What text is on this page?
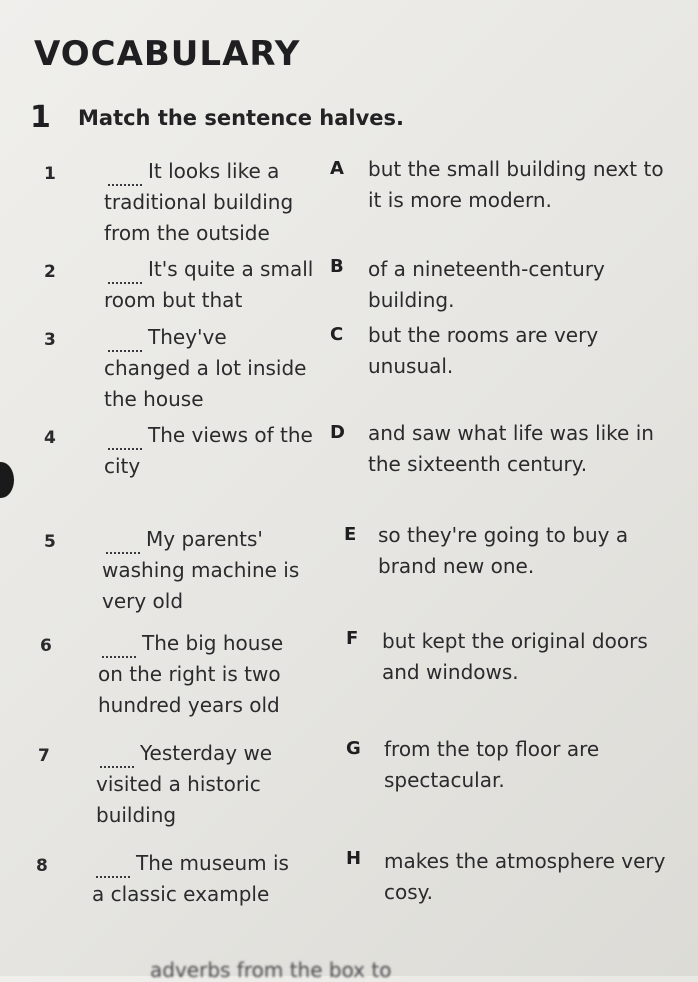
VOCABULARY
1 Match the sentence halves.
1	It looks like a traditional building from the outside
A but the small building next to it is more modern.
2	It's quite a small room but that
B of a nineteenth-century building.
3	They've changed a lot inside the house
C but the rooms are very unusual.
4	The views of the city
D and saw what life was like in the sixteenth century.
5	My parents' washing machine is very old
E so they're going to buy a brand new one.
6	The big house on the right is two hundred years old
F but kept the original doors and windows.
7	Yesterday we visited a historic building
G from the top floor are spectacular.
8	The museum is a classic example
H makes the atmosphere very cosy.
adverbs from the box to
